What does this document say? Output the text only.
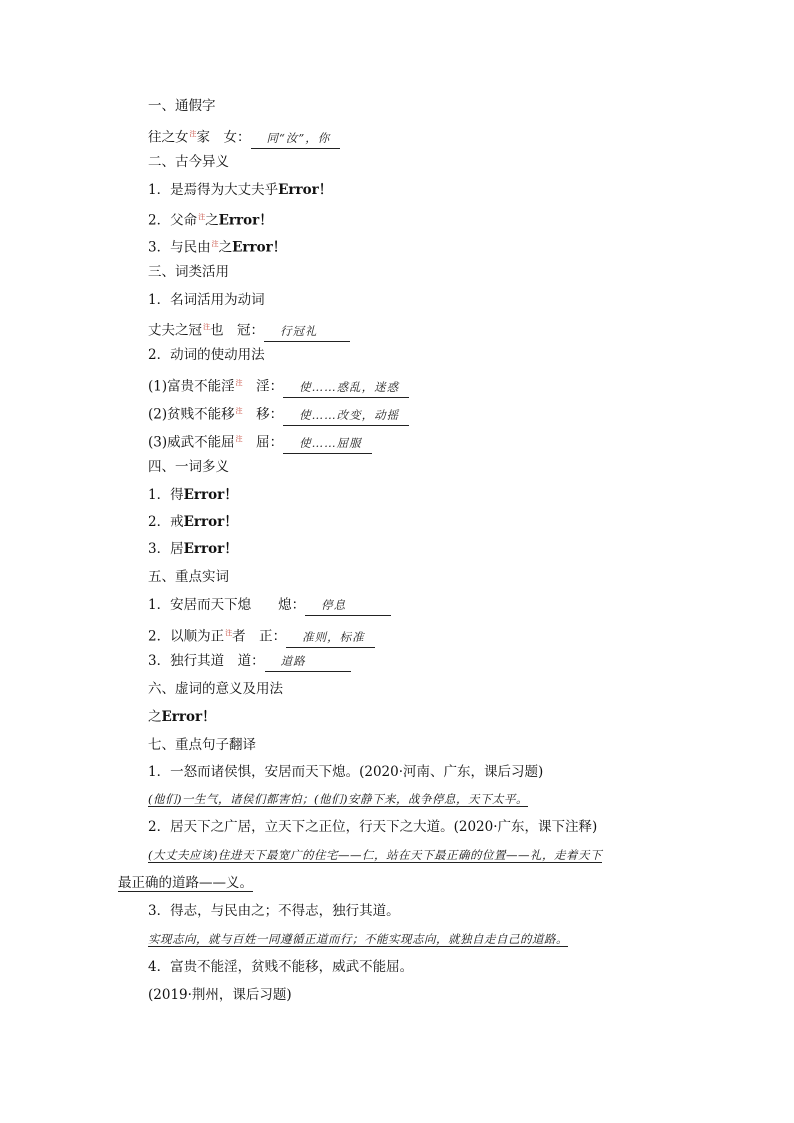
一、通假字
往之女$^注$家　女： 同“汝”，你
二、古今异义
1．是焉得为大丈夫乎Error！
2．父命$^注$之Error！
3．与民由$^注$之Error！
三、词类活用
1．名词活用为动词
丈夫之冠$^注$也　冠： 行冠礼
2．动词的使动用法
(1)富贵不能淫$^注$　 淫： 使……惑乱，迷惑
(2)贫贱不能移$^注$　 移： 使……改变，动摇
(3)威武不能屈$^注$　 屈： 使……屈服
四、一词多义
1．得Error！
2．戒Error！
3．居Error！
五、重点实词
1．安居而天下熄　　熄： 停息
2．以顺为正$^注$者　正： 准则，标准
3．独行其道　道： 道路
六、虚词的意义及用法
之Error！
七、重点句子翻译
1．一怒而诸侯惧，安居而天下熄。(2020·河南、广东，课后习题)
(他们)一生气，诸侯们都害怕；(他们)安静下来，战争停息，天下太平。
2．居天下之广居，立天下之正位，行天下之大道。(2020·广东，课下注释)
(大丈夫应该)住进天下最宽广的住宅——仁，站在天下最正确的位置——礼，走着天下
最正确的道路——义。
3．得志，与民由之；不得志，独行其道。
实现志向，就与百姓一同遵循正道而行；不能实现志向，就独自走自己的道路。
4．富贵不能淫，贫贱不能移，威武不能屈。
(2019·荆州，课后习题)
